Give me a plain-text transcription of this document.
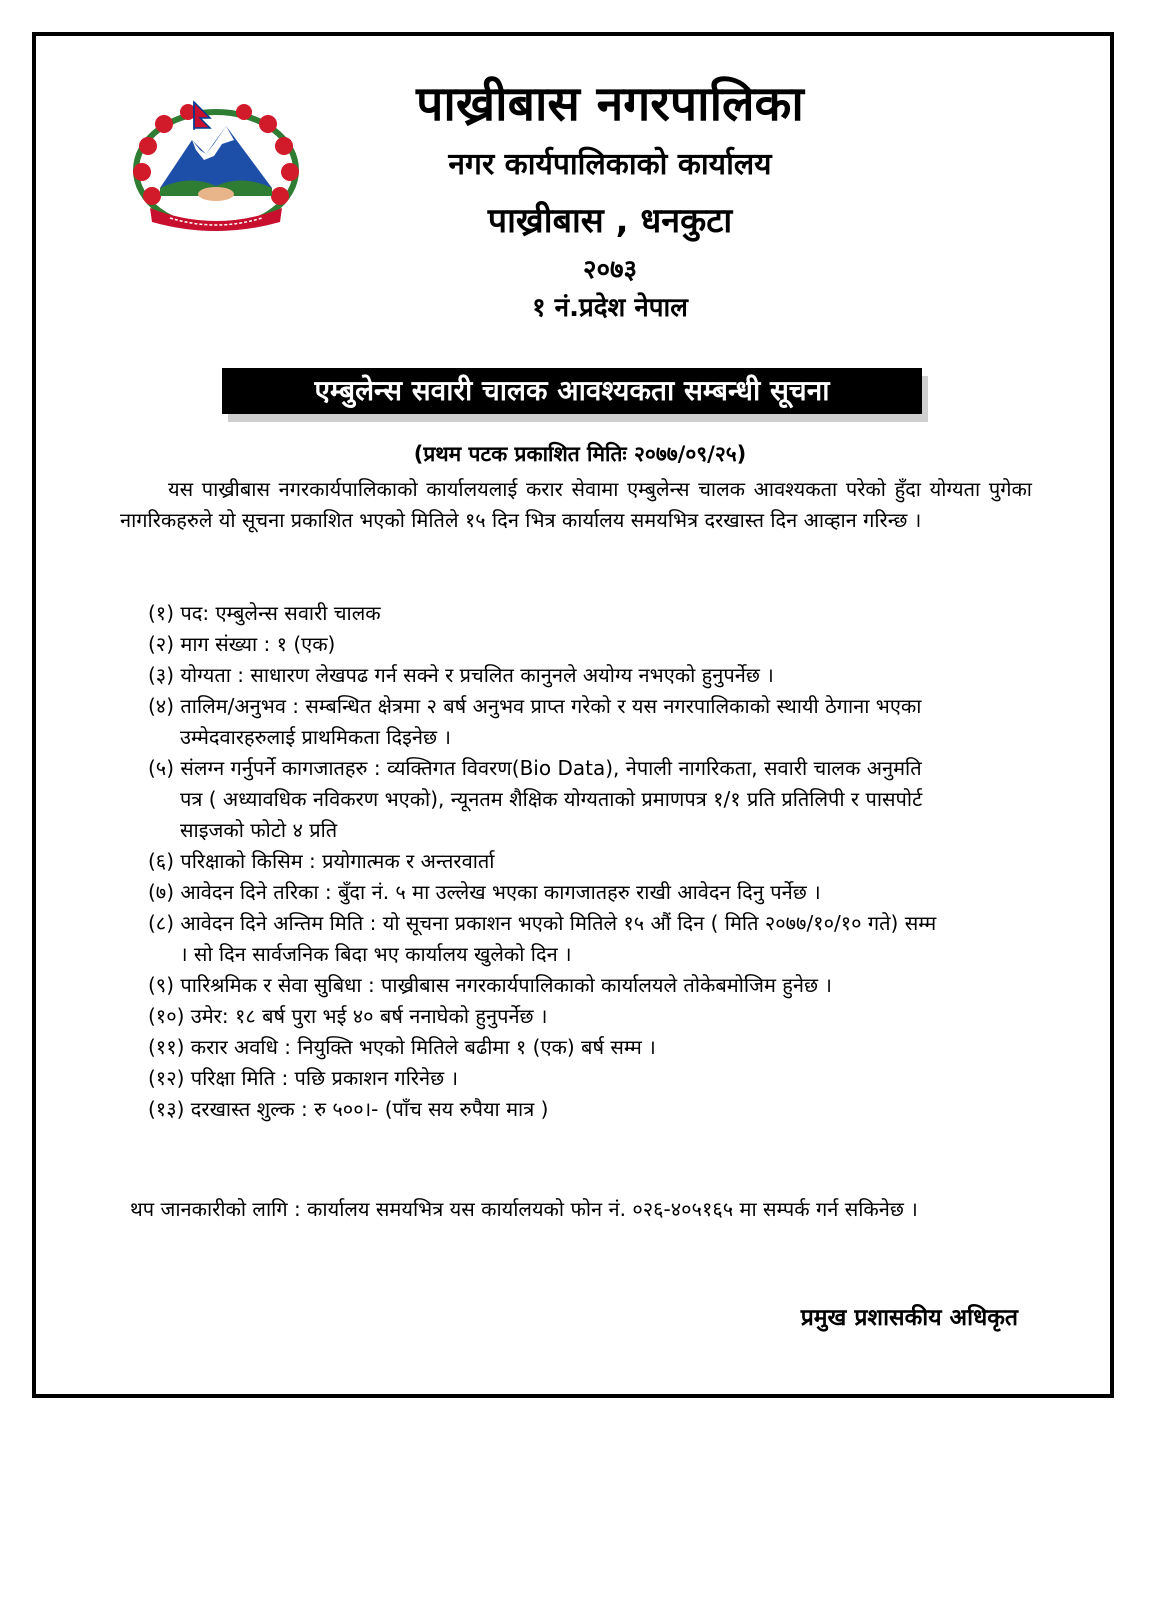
पाख्रीबास नगरपालिका
नगर कार्यपालिकाको कार्यालय
पाख्रीबास , धनकुटा
२०७३
१ नं.प्रदेश नेपाल
एम्बुलेन्स सवारी चालक आवश्यकता सम्बन्धी सूचना
(प्रथम पटक प्रकाशित मितिः २०७७/०९/२५)
यस पाख्रीबास नगरकार्यपालिकाको कार्यालयलाई करार सेवामा एम्बुलेन्स चालक आवश्यकता परेको हुँदा योग्यता पुगेका नागरिकहरुले यो सूचना प्रकाशित भएको मितिले १५ दिन भित्र कार्यालय समयभित्र दरखास्त दिन आव्हान गरिन्छ ।
(१) पद: एम्बुलेन्स सवारी चालक
(२) माग संख्या : १ (एक)
(३) योग्यता : साधारण लेखपढ गर्न सक्ने र प्रचलित कानुनले अयोग्य नभएको हुनुपर्नेछ ।
(४) तालिम/अनुभव : सम्बन्धित क्षेत्रमा २ बर्ष अनुभव प्राप्त गरेको र यस नगरपालिकाको स्थायी ठेगाना भएका उम्मेदवारहरुलाई प्राथमिकता दिइनेछ ।
(५) संलग्न गर्नुपर्ने कागजातहरु : व्यक्तिगत विवरण(Bio Data), नेपाली नागरिकता, सवारी चालक अनुमति पत्र ( अध्यावधिक नविकरण भएको), न्यूनतम शैक्षिक योग्यताको प्रमाणपत्र १/१ प्रति प्रतिलिपी र पासपोर्ट साइजको फोटो ४ प्रति
(६) परिक्षाको किसिम : प्रयोगात्मक र अन्तरवार्ता
(७) आवेदन दिने तरिका : बुँदा नं. ५ मा उल्लेख भएका कागजातहरु राखी आवेदन दिनु पर्नेछ ।
(८) आवेदन दिने अन्तिम मिति : यो सूचना प्रकाशन भएको मितिले १५ औं दिन ( मिति २०७७/१०/१० गते) सम्म । सो दिन सार्वजनिक बिदा भए कार्यालय खुलेको दिन ।
(९) पारिश्रमिक र सेवा सुबिधा : पाख्रीबास नगरकार्यपालिकाको कार्यालयले तोकेबमोजिम हुनेछ ।
(१०) उमेर: १८ बर्ष पुरा भई ४० बर्ष ननाघेको हुनुपर्नेछ ।
(११) करार अवधि : नियुक्ति भएको मितिले बढीमा १ (एक) बर्ष सम्म ।
(१२) परिक्षा मिति : पछि प्रकाशन गरिनेछ ।
(१३) दरखास्त शुल्क : रु ५००।- (पाँच सय रुपैया मात्र )
थप जानकारीको लागि : कार्यालय समयभित्र यस कार्यालयको फोन नं. ०२६-४०५१६५ मा सम्पर्क गर्न सकिनेछ ।
प्रमुख प्रशासकीय अधिकृत
